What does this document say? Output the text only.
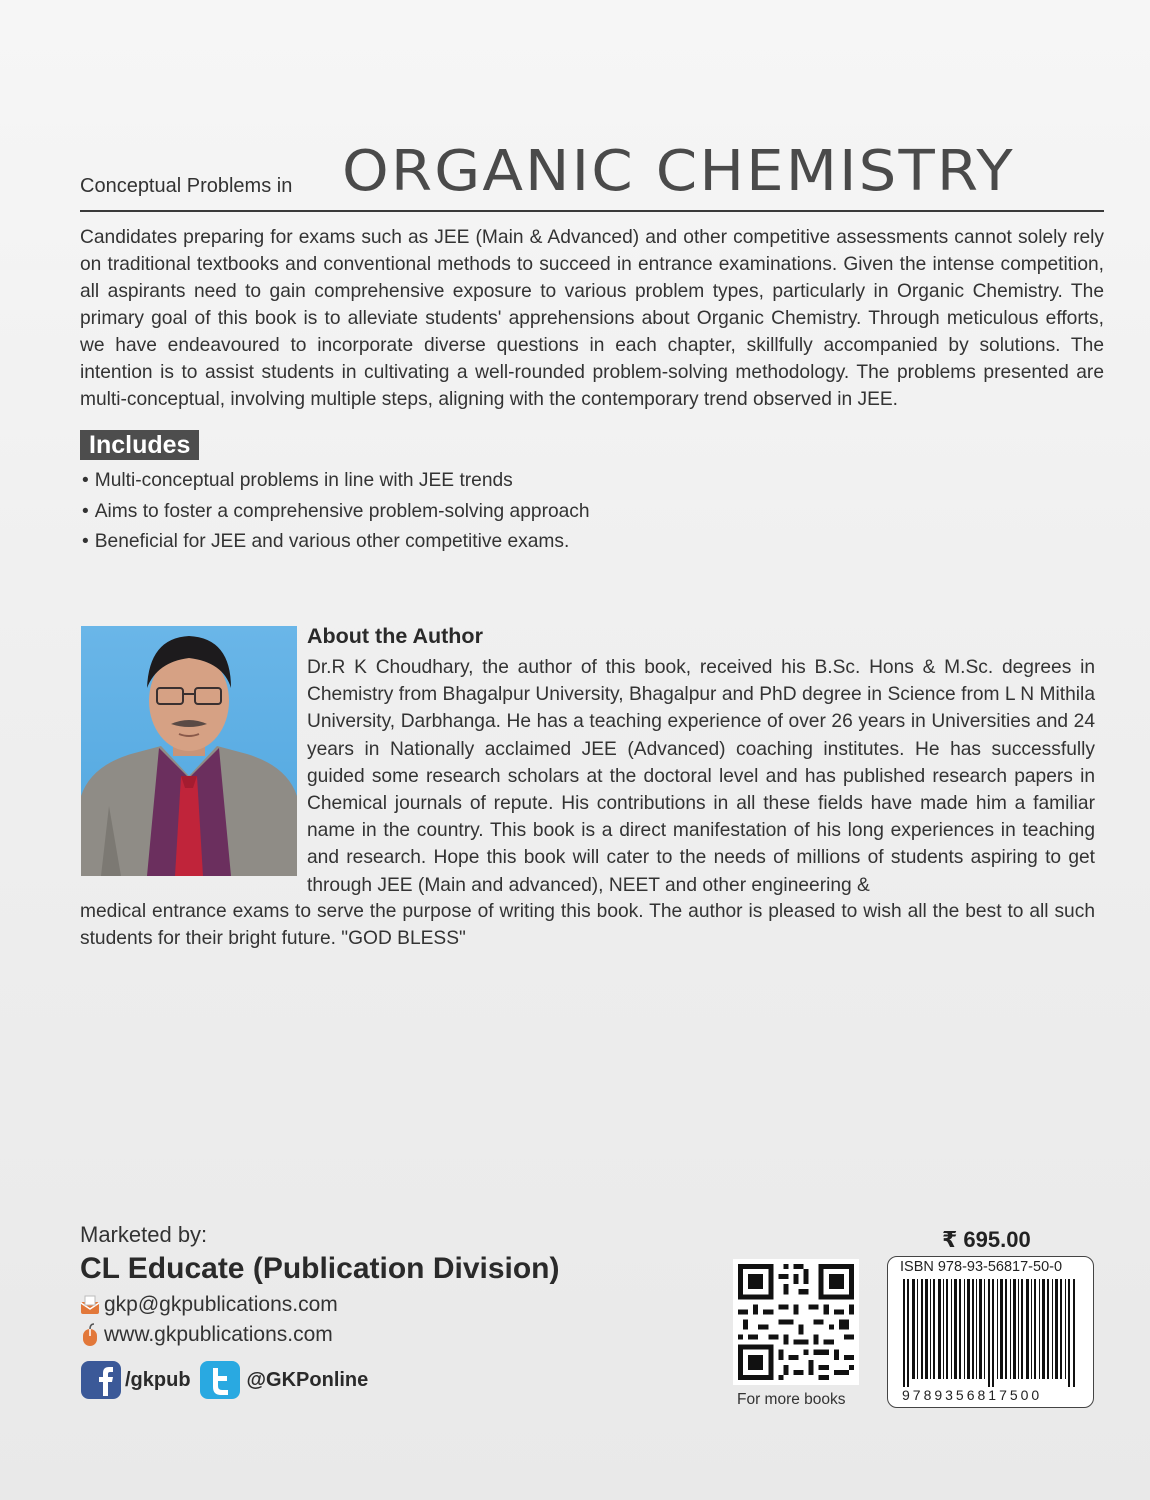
Conceptual Problems in ORGANIC CHEMISTRY

Candidates preparing for exams such as JEE (Main & Advanced) and other competitive assessments cannot solely rely on traditional textbooks and conventional methods to succeed in entrance examinations. Given the intense competition, all aspirants need to gain comprehensive exposure to various problem types, particularly in Organic Chemistry. The primary goal of this book is to alleviate students' apprehensions about Organic Chemistry. Through meticulous efforts, we have endeavoured to incorporate diverse questions in each chapter, skillfully accompanied by solutions. The intention is to assist students in cultivating a well-rounded problem-solving methodology. The problems presented are multi-conceptual, involving multiple steps, aligning with the contemporary trend observed in JEE.

Includes
• Multi-conceptual problems in line with JEE trends
• Aims to foster a comprehensive problem-solving approach
• Beneficial for JEE and various other competitive exams.
About the Author

Dr.R K Choudhary, the author of this book, received his B.Sc. Hons & M.Sc. degrees in Chemistry from Bhagalpur University, Bhagalpur and PhD degree in Science from L N Mithila University, Darbhanga. He has a teaching experience of over 26 years in Universities and 24 years in Nationally acclaimed JEE (Advanced) coaching institutes. He has successfully guided some research scholars at the doctoral level and has published research papers in Chemical journals of repute. His contributions in all these fields have made him a familiar name in the country. This book is a direct manifestation of his long experiences in teaching and research. Hope this book will cater to the needs of millions of students aspiring to get through JEE (Main and advanced), NEET and other engineering &

medical entrance exams to serve the purpose of writing this book. The author is pleased to wish all the best to all such students for their bright future. "GOD BLESS"

Marketed by:
CL Educate (Publication Division)
gkp@gkpublications.com
www.gkpublications.com
/gkpub	@GKPonline
For more books
₹ 695.00
ISBN 978-93-56817-50-0
9789356817500
